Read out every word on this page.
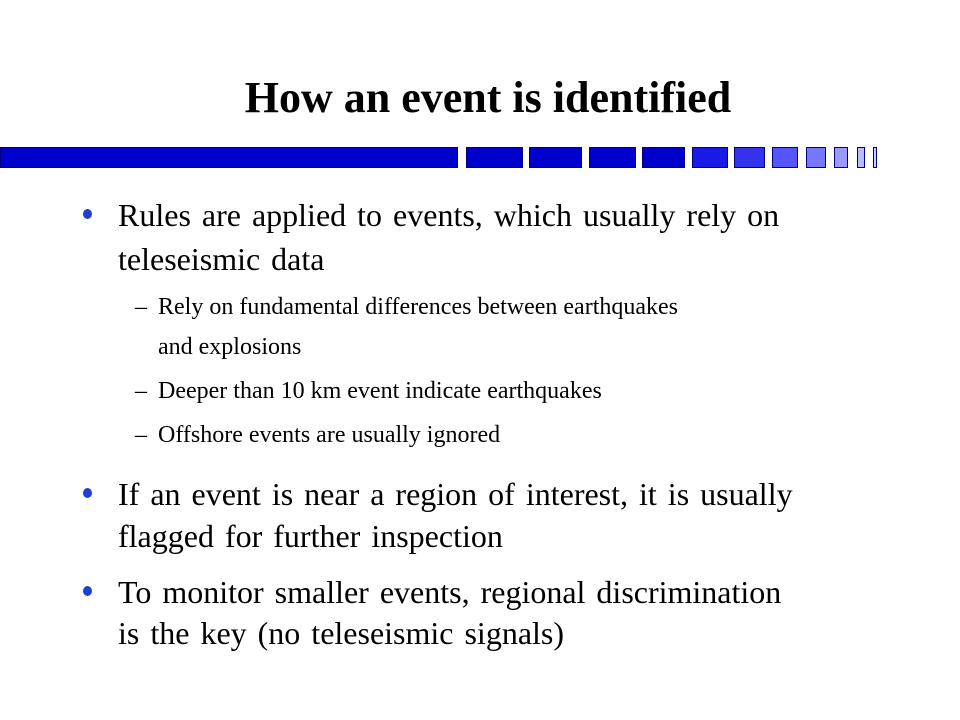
How an event is identified

Rules are applied to events, which usually rely on

teleseismic data

– Rely on fundamental differences between earthquakes

and explosions

– Deeper than 10 km event indicate earthquakes

– Offshore events are usually ignored

If an event is near a region of interest, it is usually

flagged for further inspection

To monitor smaller events, regional discrimination

is the key (no teleseismic signals)
